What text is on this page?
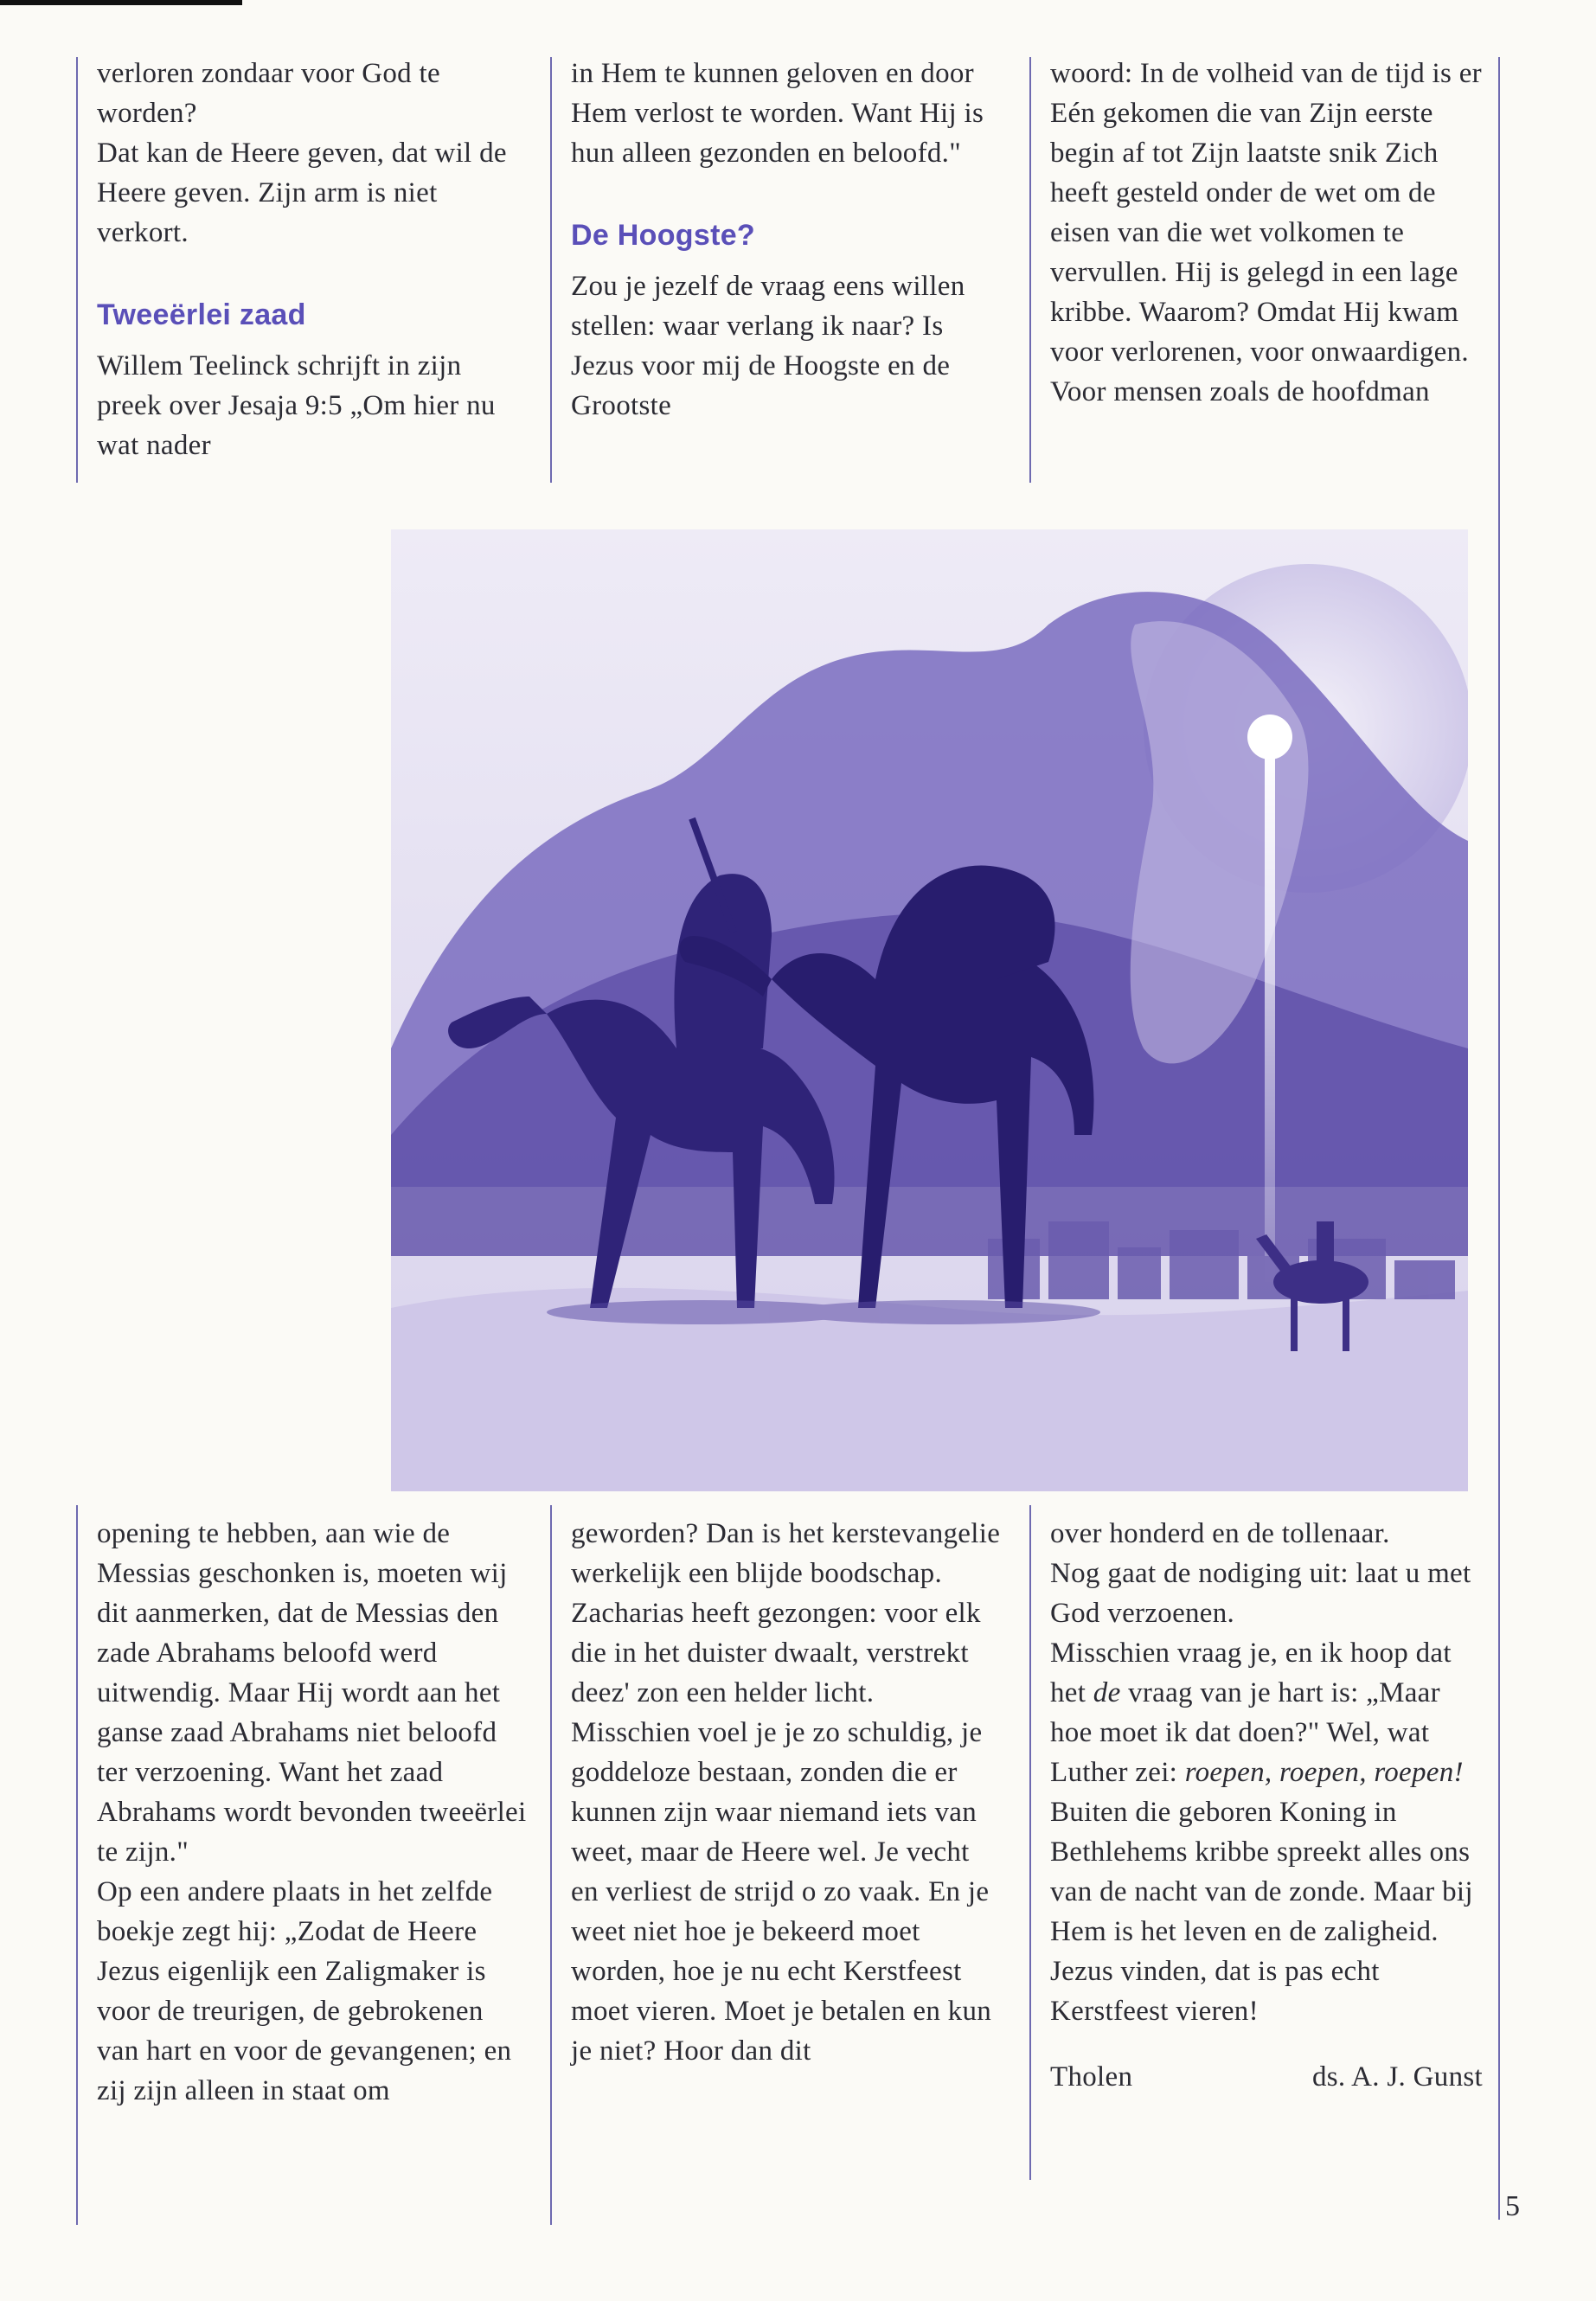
verloren zondaar voor God te worden?

Dat kan de Heere geven, dat wil de Heere geven. Zijn arm is niet verkort.

Tweeërlei zaad

Willem Teelinck schrijft in zijn preek over Jesaja 9:5 „Om hier nu wat nader

in Hem te kunnen geloven en door Hem verlost te worden. Want Hij is hun alleen gezonden en beloofd."

De Hoogste?

Zou je jezelf de vraag eens willen stellen: waar verlang ik naar? Is Jezus voor mij de Hoogste en de Grootste

woord: In de volheid van de tijd is er Eén gekomen die van Zijn eerste begin af tot Zijn laatste snik Zich heeft gesteld onder de wet om de eisen van die wet volkomen te vervullen. Hij is gelegd in een lage kribbe. Waarom? Omdat Hij kwam voor verlorenen, voor onwaardigen. Voor mensen zoals de hoofdman

opening te hebben, aan wie de Messias geschonken is, moeten wij dit aanmerken, dat de Messias den zade Abrahams beloofd werd uitwendig. Maar Hij wordt aan het ganse zaad Abrahams niet beloofd ter verzoening. Want het zaad Abrahams wordt bevonden tweeërlei te zijn."

Op een andere plaats in het zelfde boekje zegt hij: „Zodat de Heere Jezus eigenlijk een Zaligmaker is voor de treurigen, de gebrokenen van hart en voor de gevangenen; en zij zijn alleen in staat om

geworden? Dan is het kerstevangelie werkelijk een blijde boodschap.

Zacharias heeft gezongen: voor elk die in het duister dwaalt, verstrekt deez' zon een helder licht.

Misschien voel je je zo schuldig, je goddeloze bestaan, zonden die er kunnen zijn waar niemand iets van weet, maar de Heere wel. Je vecht en verliest de strijd o zo vaak. En je weet niet hoe je bekeerd moet worden, hoe je nu echt Kerstfeest moet vieren. Moet je betalen en kun je niet? Hoor dan dit

over honderd en de tollenaar.

Nog gaat de nodiging uit: laat u met God verzoenen.

Misschien vraag je, en ik hoop dat het de vraag van je hart is: „Maar hoe moet ik dat doen?" Wel, wat Luther zei: roepen, roepen, roepen! Buiten die geboren Koning in Bethlehems kribbe spreekt alles ons van de nacht van de zonde. Maar bij Hem is het leven en de zaligheid. Jezus vinden, dat is pas echt Kerstfeest vieren!

Tholen	ds. A. J. Gunst
5
